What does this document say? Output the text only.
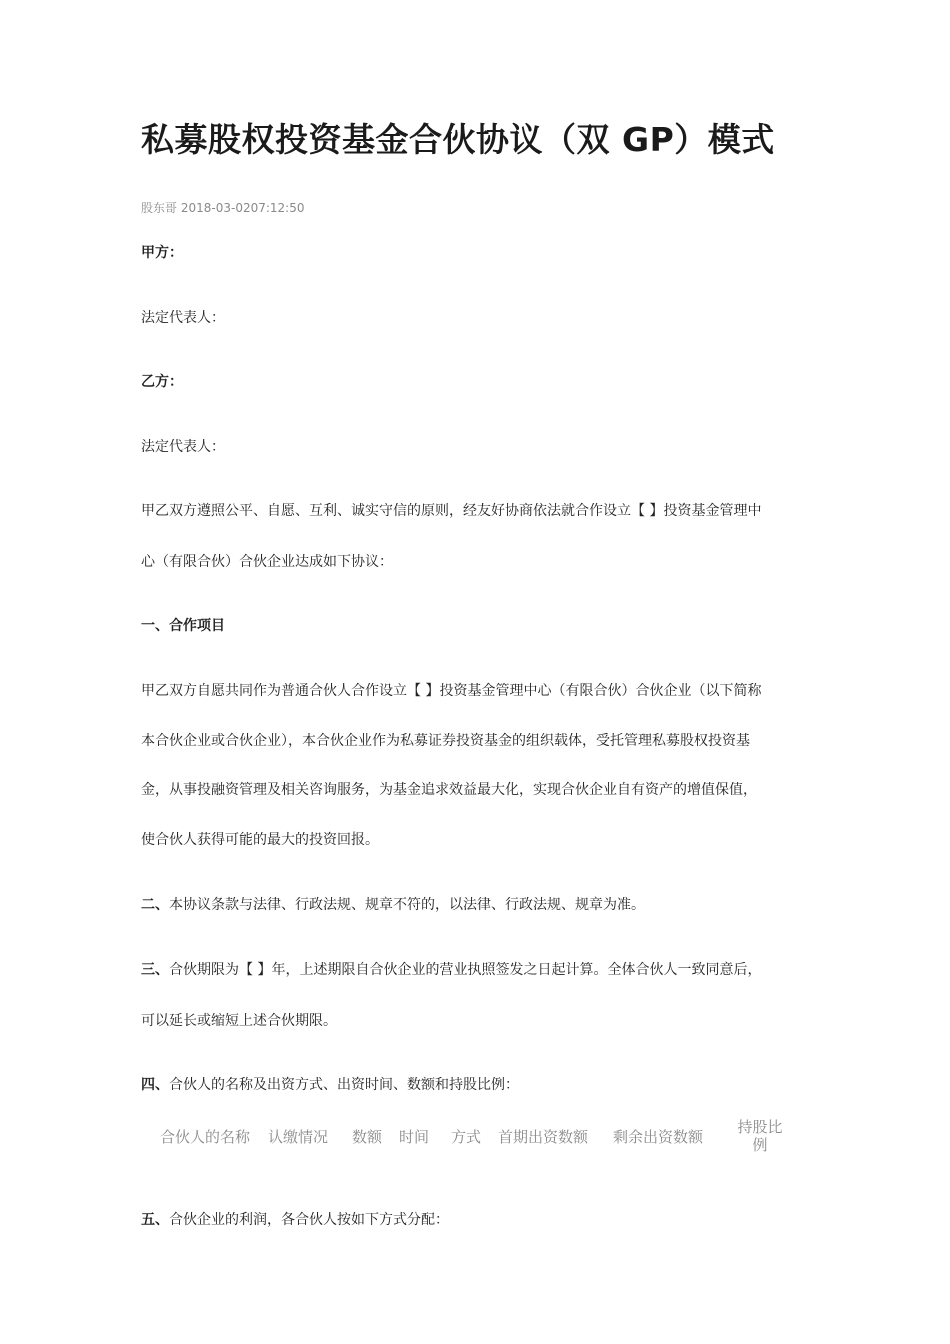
私募股权投资基金合伙协议（双 GP）模式
股东哥 2018-03-0207:12:50
甲方：
法定代表人：
乙方：
法定代表人：
甲乙双方遵照公平、自愿、互利、诚实守信的原则，经友好协商依法就合作设立【 】投资基金管理中
心（有限合伙）合伙企业达成如下协议：
一、合作项目
甲乙双方自愿共同作为普通合伙人合作设立【 】投资基金管理中心（有限合伙）合伙企业（以下简称
本合伙企业或合伙企业），本合伙企业作为私募证券投资基金的组织载体，受托管理私募股权投资基
金，从事投融资管理及相关咨询服务，为基金追求效益最大化，实现合伙企业自有资产的增值保值，
使合伙人获得可能的最大的投资回报。
二、本协议条款与法律、行政法规、规章不符的，以法律、行政法规、规章为准。
三、合伙期限为【 】年，上述期限自合伙企业的营业执照签发之日起计算。全体合伙人一致同意后，
可以延长或缩短上述合伙期限。
四、合伙人的名称及出资方式、出资时间、数额和持股比例：
合伙人的名称 认缴情况 数额 时间 方式 首期出资数额 剩余出资数额
持股比例
五、合伙企业的利润，各合伙人按如下方式分配：
